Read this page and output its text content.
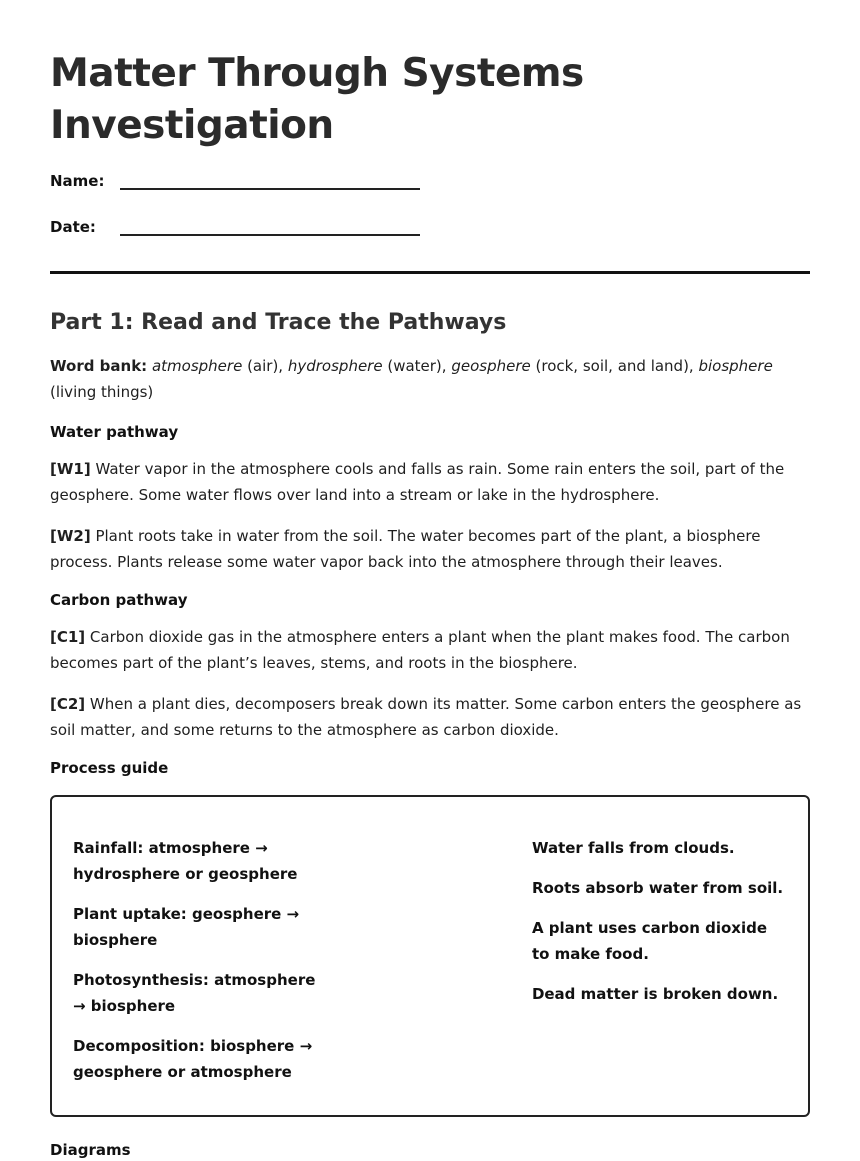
Matter Through Systems Investigation
Name:
Date:
Part 1: Read and Trace the Pathways

Word bank: atmosphere (air), hydrosphere (water), geosphere (rock, soil, and land), biosphere (living things)

Water pathway

[W1] Water vapor in the atmosphere cools and falls as rain. Some rain enters the soil, part of the geosphere. Some water flows over land into a stream or lake in the hydrosphere.

[W2] Plant roots take in water from the soil. The water becomes part of the plant, a biosphere process. Plants release some water vapor back into the atmosphere through their leaves.

Carbon pathway

[C1] Carbon dioxide gas in the atmosphere enters a plant when the plant makes food. The carbon becomes part of the plant’s leaves, stems, and roots in the biosphere.

[C2] When a plant dies, decomposers break down its matter. Some carbon enters the geosphere as soil matter, and some returns to the atmosphere as carbon dioxide.

Process guide
Rainfall: atmosphere → hydrosphere or geosphere
Plant uptake: geosphere → biosphere
Photosynthesis: atmosphere → biosphere
Decomposition: biosphere → geosphere or atmosphere
Water falls from clouds.
Roots absorb water from soil.
A plant uses carbon dioxide to make food.
Dead matter is broken down.
Diagrams
